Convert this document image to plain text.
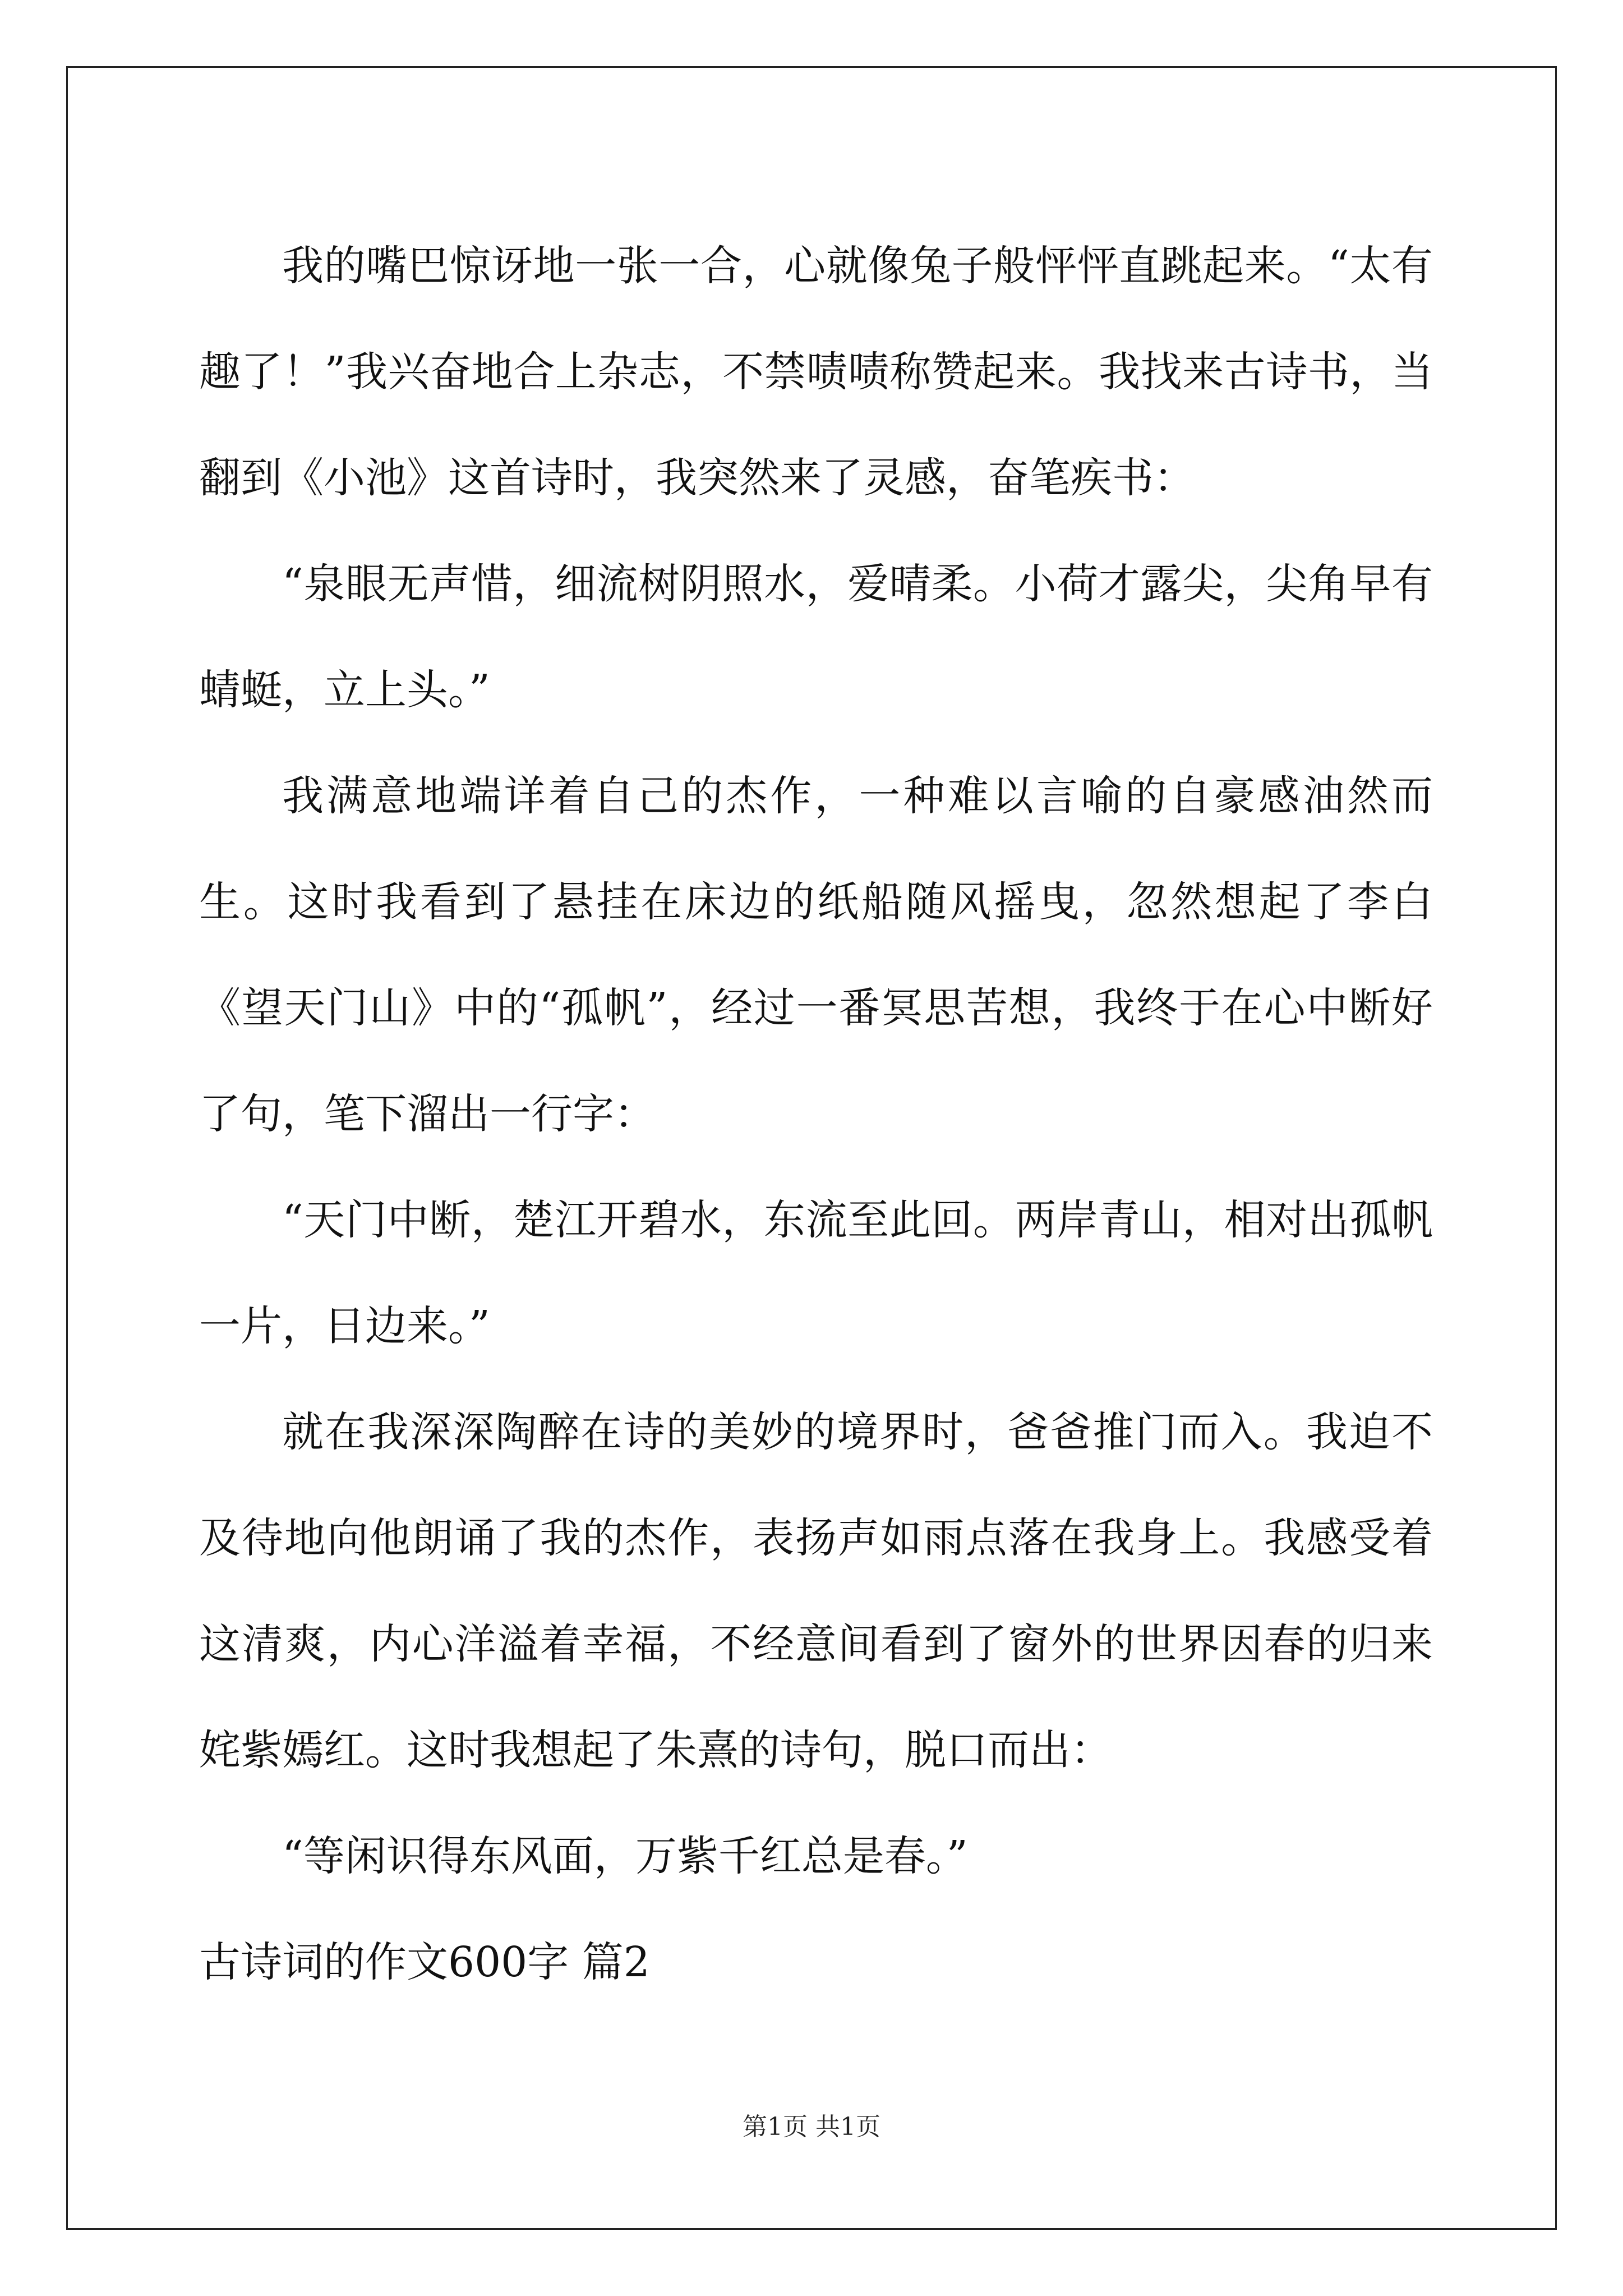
我的嘴巴惊讶地一张一合，心就像兔子般怦怦直跳起来。“太有趣了！”我兴奋地合上杂志，不禁啧啧称赞起来。我找来古诗书，当翻到《小池》这首诗时，我突然来了灵感，奋笔疾书：

“泉眼无声惜，细流树阴照水，爱晴柔。小荷才露尖，尖角早有蜻蜓，立上头。”

我满意地端详着自己的杰作，一种难以言喻的自豪感油然而生。这时我看到了悬挂在床边的纸船随风摇曳，忽然想起了李白《望天门山》中的“孤帆”，经过一番冥思苦想，我终于在心中断好了句，笔下溜出一行字：

“天门中断，楚江开碧水，东流至此回。两岸青山，相对出孤帆一片，日边来。”

就在我深深陶醉在诗的美妙的境界时，爸爸推门而入。我迫不及待地向他朗诵了我的杰作，表扬声如雨点落在我身上。我感受着这清爽，内心洋溢着幸福，不经意间看到了窗外的世界因春的归来姹紫嫣红。这时我想起了朱熹的诗句，脱口而出：

“等闲识得东风面，万紫千红总是春。”

古诗词的作文600字 篇2

第1页 共1页
